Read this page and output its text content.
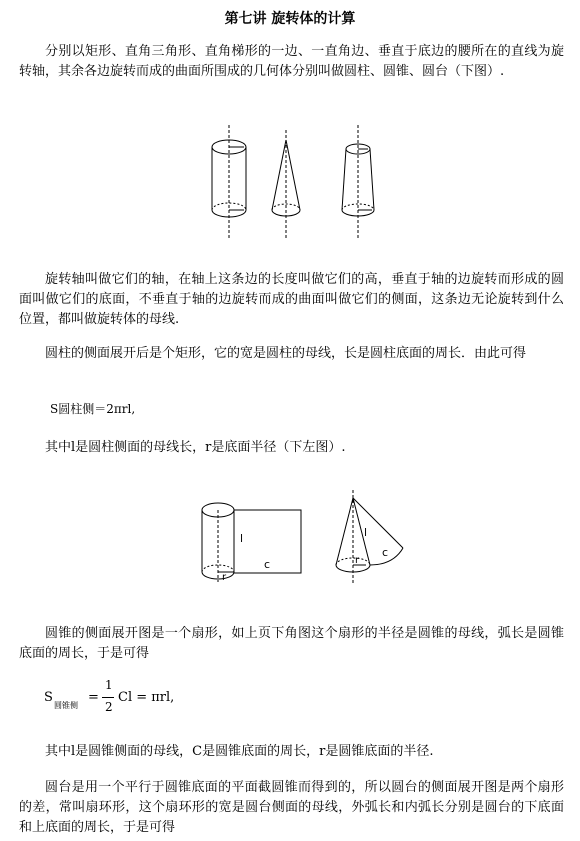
第七讲 旋转体的计算
分别以矩形、直角三角形、直角梯形的一边、一直角边、垂直于底边的腰所在的直线为旋转轴，其余各边旋转而成的曲面所围成的几何体分别叫做圆柱、圆锥、圆台（下图）.
旋转轴叫做它们的轴，在轴上这条边的长度叫做它们的高，垂直于轴的边旋转而形成的圆面叫做它们的底面，不垂直于轴的边旋转而成的曲面叫做它们的侧面，这条边无论旋转到什么位置，都叫做旋转体的母线.
圆柱的侧面展开后是个矩形，它的宽是圆柱的母线，长是圆柱底面的周长．由此可得
S圆柱侧＝2πrl,
其中l是圆柱侧面的母线长，r是底面半径（下左图）.
l
c
r
l
c
r
圆锥的侧面展开图是一个扇形，如上页下角图这个扇形的半径是圆锥的母线，弧长是圆锥底面的周长，于是可得
S
圆锥侧
=
1
2
Cl = πrl,
其中l是圆锥侧面的母线，C是圆锥底面的周长，r是圆锥底面的半径.
圆台是用一个平行于圆锥底面的平面截圆锥而得到的，所以圆台的侧面展开图是两个扇形的差，常叫扇环形，这个扇环形的宽是圆台侧面的母线，外弧长和内弧长分别是圆台的下底面和上底面的周长，于是可得
